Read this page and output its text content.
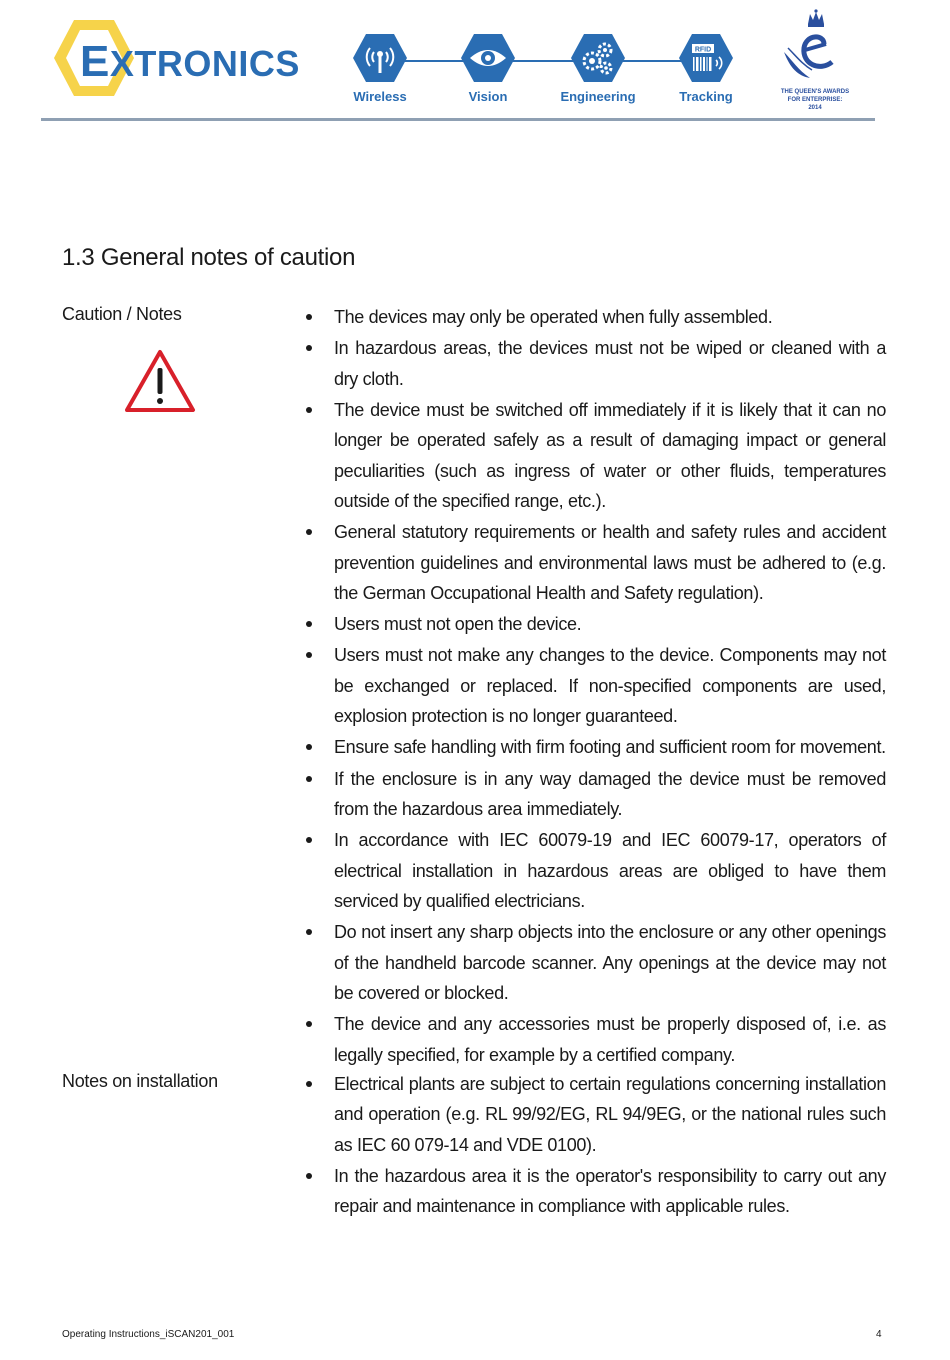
EXTRONICS
Wireless	Vision	Engineering
RFID
Tracking	THE QUEEN'S AWARDS
FOR ENTERPRISE:
2014
1.3 General notes of caution
Caution / Notes	The devices may only be operated when fully assembled.
In hazardous areas, the devices must not be wiped or cleaned with a dry cloth.
The device must be switched off immediately if it is likely that it can no longer be operated safely as a result of damaging impact or general peculiarities (such as ingress of water or other fluids, temperatures outside of the specified range, etc.).
General statutory requirements or health and safety rules and accident prevention guidelines and environmental laws must be adhered to (e.g. the German Occupational Health and Safety regulation).
Users must not open the device.
Users must not make any changes to the device. Components may not be exchanged or replaced. If non-specified components are used, explosion protection is no longer guaranteed.
Ensure safe handling with firm footing and sufficient room for movement.
If the enclosure is in any way damaged the device must be removed from the hazardous area immediately.
In accordance with IEC 60079-19 and IEC 60079-17, operators of electrical installation in hazardous areas are obliged to have them serviced by qualified electricians.
Do not insert any sharp objects into the enclosure or any other openings of the handheld barcode scanner. Any openings at the device may not be covered or blocked.
The device and any accessories must be properly disposed of, i.e. as legally specified, for example by a certified company.
Notes on installation	Electrical plants are subject to certain regulations concerning installation and operation (e.g. RL 99/92/EG, RL 94/9EG, or the national rules such as IEC 60 079-14 and VDE 0100).
In the hazardous area it is the operator's responsibility to carry out any repair and maintenance in compliance with applicable rules.
Operating Instructions_iSCAN201_001	4
